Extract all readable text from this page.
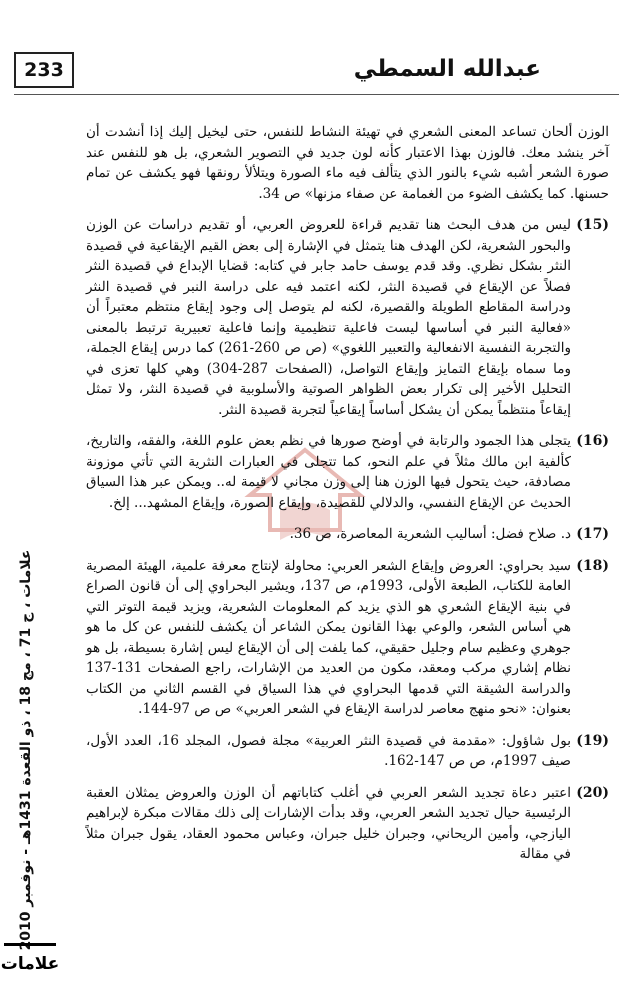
233	عبدالله السمطي
علامات ، ج 71 ، مج 18 ، ذو القعدة 1431هـ - نوفمبر 2010
علامات

الوزن ألحان تساعد المعنى الشعري في تهيئة النشاط للنفس، حتى ليخيل إليك إذا أنشدت أن آخر ينشد معك. فالوزن بهذا الاعتبار كأنه لون جديد في التصوير الشعري، بل هو للنفس عند صورة الشعر أشبه شيء بالنور الذي يتألف فيه ماء الصورة ويتلألأ رونقها فهو يكشف عن تمام حسنها. كما يكشف الضوء من الغمامة عن صفاء مزنها» ص 34.

(15)
ليس من هدف البحث هنا تقديم قراءة للعروض العربي، أو تقديم دراسات عن الوزن والبحور الشعرية، لكن الهدف هنا يتمثل في الإشارة إلى بعض القيم الإيقاعية في قصيدة النثر بشكل نظري. وقد قدم يوسف حامد جابر في كتابه: قضايا الإبداع في قصيدة النثر فصلاً عن الإيقاع في قصيدة النثر، لكنه اعتمد فيه على دراسة النبر في قصيدة النثر ودراسة المقاطع الطويلة والقصيرة، لكنه لم يتوصل إلى وجود إيقاع منتظم معتبراً أن «فعالية النبر في أساسها ليست فاعلية تنظيمية وإنما فاعلية تعبيرية ترتبط بالمعنى والتجربة النفسية الانفعالية والتعبير اللغوي» (ص ص 260-261) كما درس إيقاع الجملة، وما سماه بإيقاع التمايز وإيقاع التواصل، (الصفحات 287-304) وهي كلها تعزى في التحليل الأخير إلى تكرار بعض الظواهر الصوتية والأسلوبية في قصيدة النثر، ولا تمثل إيقاعاً منتظماً يمكن أن يشكل أساساً إيقاعياً لتجربة قصيدة النثر.
(16)
يتجلى هذا الجمود والرتابة في أوضح صورها في نظم بعض علوم اللغة، والفقه، والتاريخ، كألفية ابن مالك مثلاً في علم النحو، كما تتجلى في العبارات النثرية التي تأتي موزونة مصادفة، حيث يتحول فيها الوزن هنا إلى وزن مجاني لا قيمة له.. ويمكن عبر هذا السياق الحديث عن الإيقاع النفسي، والدلالي للقصيدة، وإيقاع الصورة، وإيقاع المشهد... إلخ.
(17)
د. صلاح فضل: أساليب الشعرية المعاصرة، ص 36.
(18)
سيد بحراوي: العروض وإيقاع الشعر العربي: محاولة لإنتاج معرفة علمية، الهيئة المصرية العامة للكتاب، الطبعة الأولى، 1993م، ص 137، ويشير البحراوي إلى أن قانون الصراع في بنية الإيقاع الشعري هو الذي يزيد كم المعلومات الشعرية، ويزيد قيمة التوتر التي هي أساس الشعر، والوعي بهذا القانون يمكن الشاعر أن يكشف للنفس عن كل ما هو جوهري وعظيم سام وجليل حقيقي، كما يلفت إلى أن الإيقاع ليس إشارة بسيطة، بل هو نظام إشاري مركب ومعقد، مكون من العديد من الإشارات، راجع الصفحات 131-137 والدراسة الشيقة التي قدمها البحراوي في هذا السياق في القسم الثاني من الكتاب بعنوان: «نحو منهج معاصر لدراسة الإيقاع في الشعر العربي» ص ص 97-144.
(19)
بول شاؤول: «مقدمة في قصيدة النثر العربية» مجلة فصول، المجلد 16، العدد الأول، صيف 1997م، ص ص 147-162.
(20)
اعتبر دعاة تجديد الشعر العربي في أغلب كتاباتهم أن الوزن والعروض يمثلان العقبة الرئيسية حيال تجديد الشعر العربي، وقد بدأت الإشارات إلى ذلك مقالات مبكرة لإبراهيم اليازجي، وأمين الريحاني، وجبران خليل جبران، وعباس محمود العقاد، يقول جبران مثلاً في مقالة
